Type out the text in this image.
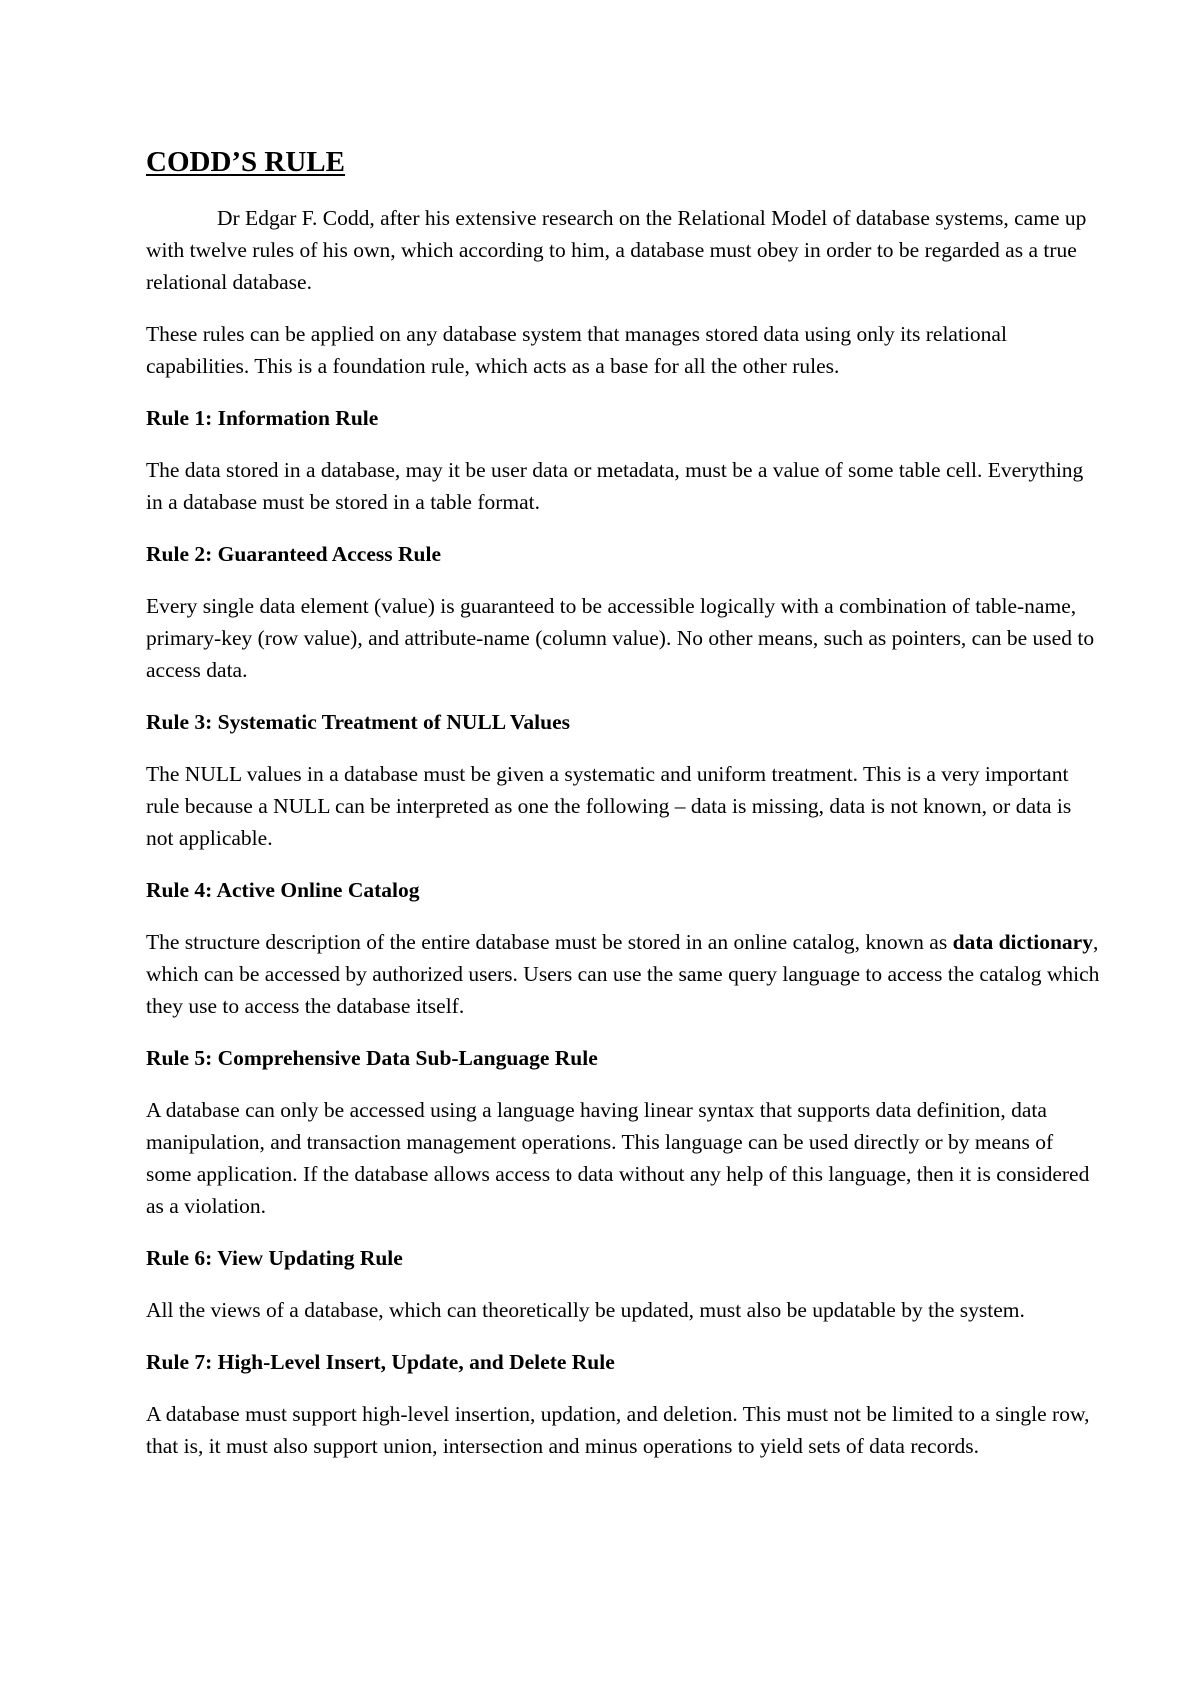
CODD’S RULE

Dr Edgar F. Codd, after his extensive research on the Relational Model of database systems, came up with twelve rules of his own, which according to him, a database must obey in order to be regarded as a true relational database.

These rules can be applied on any database system that manages stored data using only its relational capabilities. This is a foundation rule, which acts as a base for all the other rules.

Rule 1: Information Rule

The data stored in a database, may it be user data or metadata, must be a value of some table cell. Everything in a database must be stored in a table format.

Rule 2: Guaranteed Access Rule

Every single data element (value) is guaranteed to be accessible logically with a combination of table-name, primary-key (row value), and attribute-name (column value). No other means, such as pointers, can be used to access data.

Rule 3: Systematic Treatment of NULL Values

The NULL values in a database must be given a systematic and uniform treatment. This is a very important rule because a NULL can be interpreted as one the following – data is missing, data is not known, or data is not applicable.

Rule 4: Active Online Catalog

The structure description of the entire database must be stored in an online catalog, known as data dictionary, which can be accessed by authorized users. Users can use the same query language to access the catalog which they use to access the database itself.

Rule 5: Comprehensive Data Sub-Language Rule

A database can only be accessed using a language having linear syntax that supports data definition, data manipulation, and transaction management operations. This language can be used directly or by means of some application. If the database allows access to data without any help of this language, then it is considered as a violation.

Rule 6: View Updating Rule

All the views of a database, which can theoretically be updated, must also be updatable by the system.

Rule 7: High-Level Insert, Update, and Delete Rule

A database must support high-level insertion, updation, and deletion. This must not be limited to a single row, that is, it must also support union, intersection and minus operations to yield sets of data records.
